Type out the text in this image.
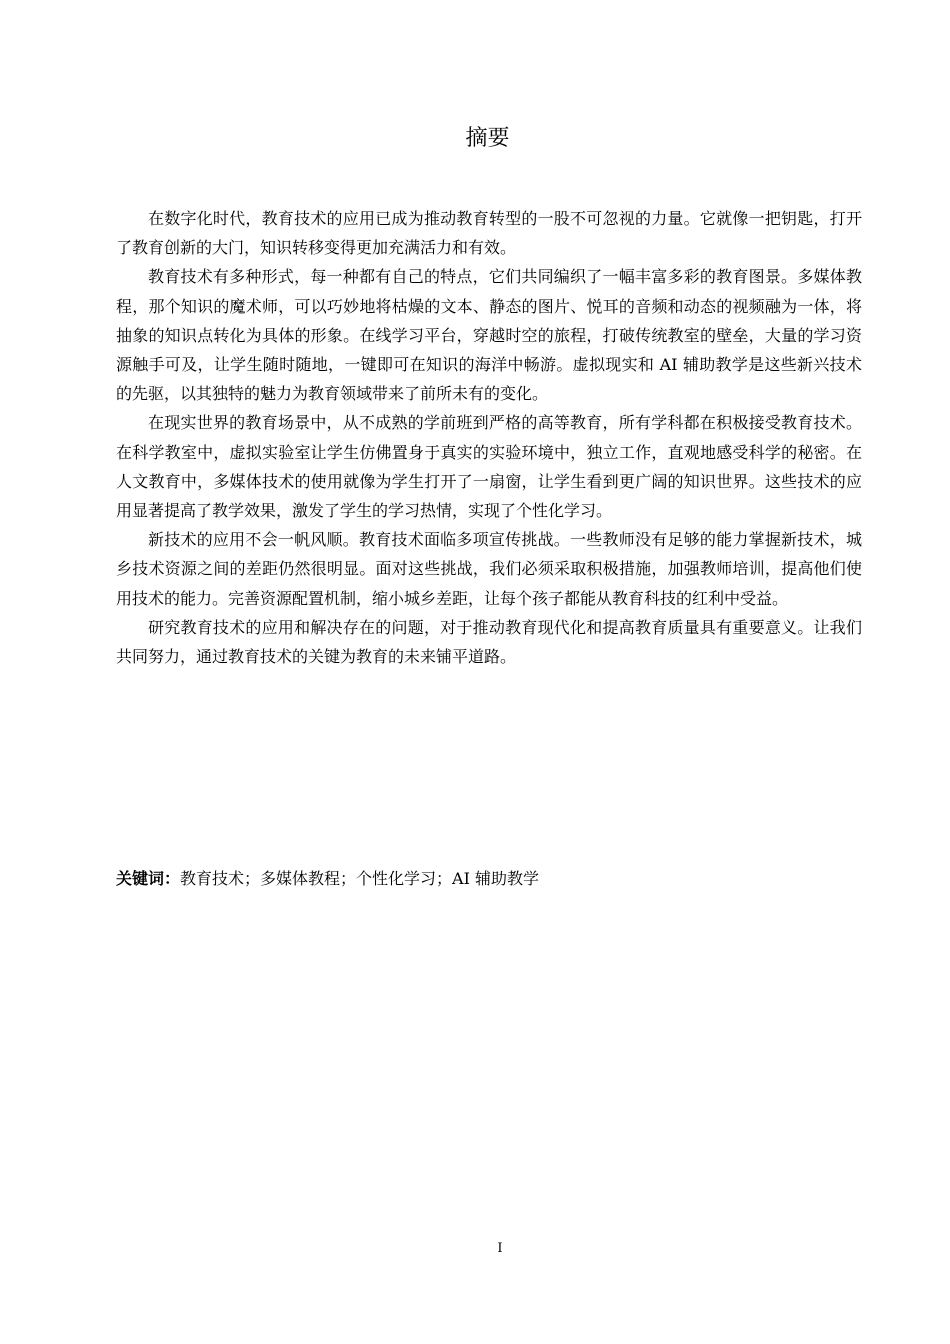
摘要

在数字化时代，教育技术的应用已成为推动教育转型的一股不可忽视的力量。它就像一把钥匙，打开了教育创新的大门，知识转移变得更加充满活力和有效。

教育技术有多种形式，每一种都有自己的特点，它们共同编织了一幅丰富多彩的教育图景。多媒体教程，那个知识的魔术师，可以巧妙地将枯燥的文本、静态的图片、悦耳的音频和动态的视频融为一体，将抽象的知识点转化为具体的形象。在线学习平台，穿越时空的旅程，打破传统教室的壁垒，大量的学习资源触手可及，让学生随时随地，一键即可在知识的海洋中畅游。虚拟现实和 AI 辅助教学是这些新兴技术的先驱，以其独特的魅力为教育领域带来了前所未有的变化。

在现实世界的教育场景中，从不成熟的学前班到严格的高等教育，所有学科都在积极接受教育技术。在科学教室中，虚拟实验室让学生仿佛置身于真实的实验环境中，独立工作，直观地感受科学的秘密。在人文教育中，多媒体技术的使用就像为学生打开了一扇窗，让学生看到更广阔的知识世界。这些技术的应用显著提高了教学效果，激发了学生的学习热情，实现了个性化学习。

新技术的应用不会一帆风顺。教育技术面临多项宣传挑战。一些教师没有足够的能力掌握新技术，城乡技术资源之间的差距仍然很明显。面对这些挑战，我们必须采取积极措施，加强教师培训，提高他们使用技术的能力。完善资源配置机制，缩小城乡差距，让每个孩子都能从教育科技的红利中受益。

研究教育技术的应用和解决存在的问题，对于推动教育现代化和提高教育质量具有重要意义。让我们共同努力，通过教育技术的关键为教育的未来铺平道路。

关键词：教育技术；多媒体教程；个性化学习；AI 辅助教学
I
